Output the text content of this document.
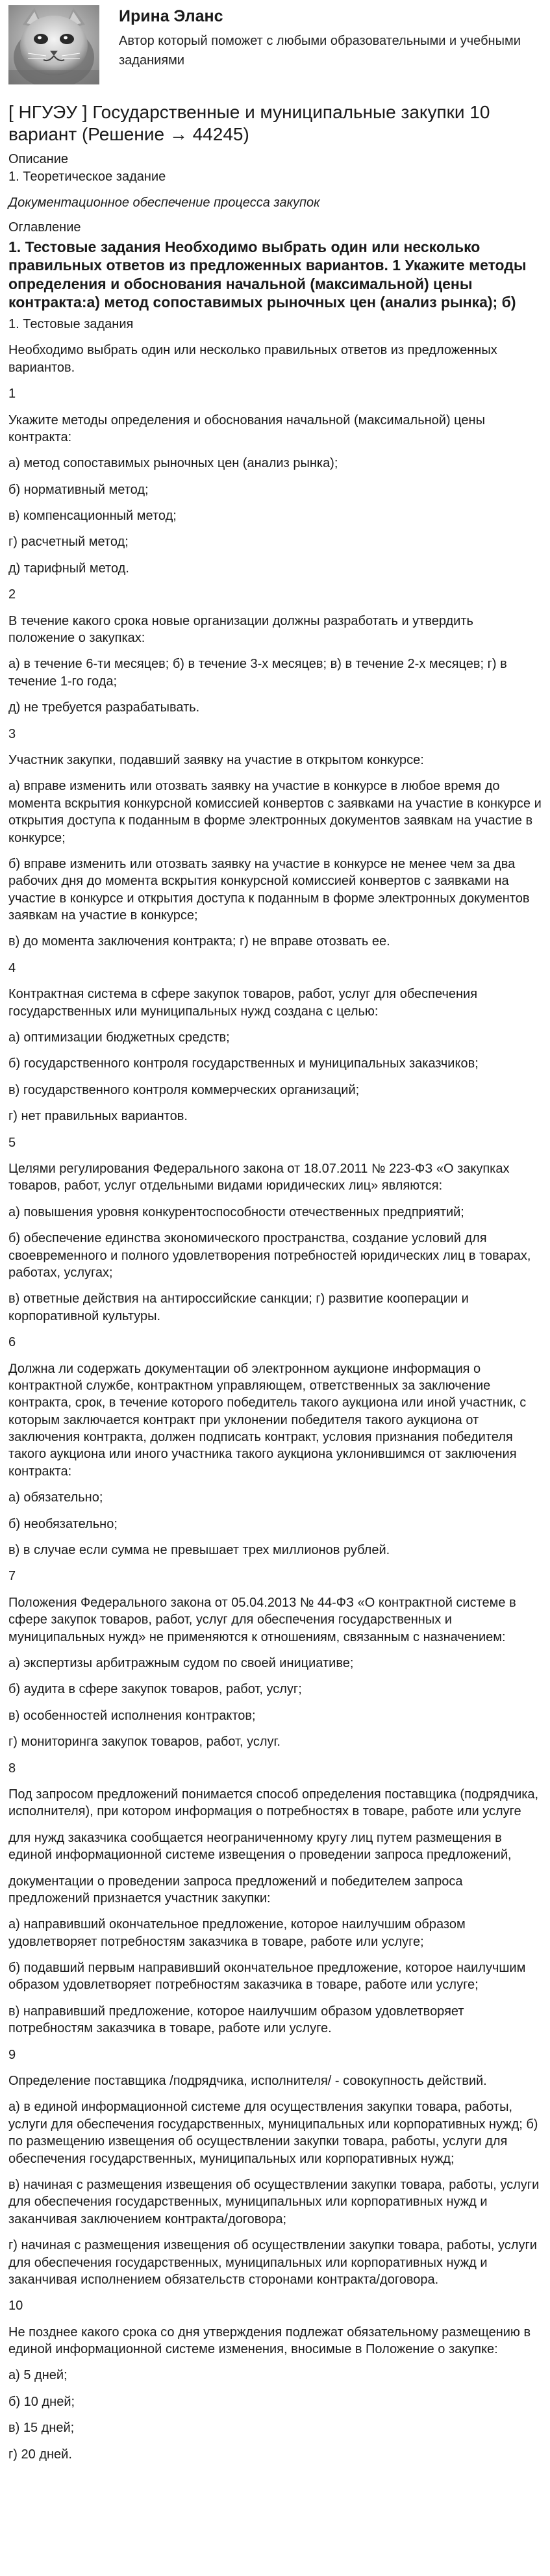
Ирина Эланс
Автор который поможет с любыми образовательными и учебными заданиями
[ НГУЭУ ] Государственные и муниципальные закупки 10 вариант (Решение → 44245)
Описание
1. Теоретическое задание
Документационное обеспечение процесса закупок
Оглавление
1. Тестовые задания Необходимо выбрать один или несколько правильных ответов из предложенных вариантов. 1 Укажите методы определения и обоснования начальной (максимальной) цены контракта:а) метод сопоставимых рыночных цен (анализ рынка); б)
1. Тестовые задания
Необходимо выбрать один или несколько правильных ответов из предложенных вариантов.
1
Укажите методы определения и обоснования начальной (максимальной) цены контракта:
а) метод сопоставимых рыночных цен (анализ рынка);
б) нормативный метод;
в) компенсационный метод;
г) расчетный метод;
д) тарифный метод.
2
В течение какого срока новые организации должны разработать и утвердить положение о закупках:
а) в течение 6-ти месяцев; б) в течение 3-х месяцев; в) в течение 2-х месяцев; г) в течение 1-го года;
д) не требуется разрабатывать.
3
Участник закупки, подавший заявку на участие в открытом конкурсе:
а) вправе изменить или отозвать заявку на участие в конкурсе в любое время до момента вскрытия конкурсной комиссией конвертов с заявками на участие в конкурсе и открытия доступа к поданным в форме электронных документов заявкам на участие в конкурсе;
б) вправе изменить или отозвать заявку на участие в конкурсе не менее чем за два рабочих дня до момента вскрытия конкурсной комиссией конвертов с заявками на участие в конкурсе и открытия доступа к поданным в форме электронных документов заявкам на участие в конкурсе;
в) до момента заключения контракта; г) не вправе отозвать ее.
4
Контрактная система в сфере закупок товаров, работ, услуг для обеспечения государственных или муниципальных нужд создана с целью:
а) оптимизации бюджетных средств;
б) государственного контроля государственных и муниципальных заказчиков;
в) государственного контроля коммерческих организаций;
г) нет правильных вариантов.
5
Целями регулирования Федерального закона от 18.07.2011 № 223-ФЗ «О закупках товаров, работ, услуг отдельными видами юридических лиц» являются:
а) повышения уровня конкурентоспособности отечественных предприятий;
б) обеспечение единства экономического пространства, создание условий для своевременного и полного удовлетворения потребностей юридических лиц в товарах, работах, услугах;
в) ответные действия на антироссийские санкции; г) развитие кооперации и корпоративной культуры.
6
Должна ли содержать документации об электронном аукционе информация о контрактной службе, контрактном управляющем, ответственных за заключение контракта, срок, в течение которого победитель такого аукциона или иной участник, с которым заключается контракт при уклонении победителя такого аукциона от заключения контракта, должен подписать контракт, условия признания победителя такого аукциона или иного участника такого аукциона уклонившимся от заключения контракта:
а) обязательно;
б) необязательно;
в) в случае если сумма не превышает трех миллионов рублей.
7
Положения Федерального закона от 05.04.2013 № 44-ФЗ «О контрактной системе в сфере закупок товаров, работ, услуг для обеспечения государственных и муниципальных нужд» не применяются к отношениям, связанным с назначением:
а) экспертизы арбитражным судом по своей инициативе;
б) аудита в сфере закупок товаров, работ, услуг;
в) особенностей исполнения контрактов;
г) мониторинга закупок товаров, работ, услуг.
8
Под запросом предложений понимается способ определения поставщика (подрядчика, исполнителя), при котором информация о потребностях в товаре, работе или услуге
для нужд заказчика сообщается неограниченному кругу лиц путем размещения в единой информационной системе извещения о проведении запроса предложений,
документации о проведении запроса предложений и победителем запроса предложений признается участник закупки:
а) направивший окончательное предложение, которое наилучшим образом удовлетворяет потребностям заказчика в товаре, работе или услуге;
б) подавший первым направивший окончательное предложение, которое наилучшим образом удовлетворяет потребностям заказчика в товаре, работе или услуге;
в) направивший предложение, которое наилучшим образом удовлетворяет потребностям заказчика в товаре, работе или услуге.
9
Определение поставщика /подрядчика, исполнителя/ - совокупность действий.
а) в единой информационной системе для осуществления закупки товара, работы, услуги для обеспечения государственных, муниципальных или корпоративных нужд; б) по размещению извещения об осуществлении закупки товара, работы, услуги для обеспечения государственных, муниципальных или корпоративных нужд;
в) начиная с размещения извещения об осуществлении закупки товара, работы, услуги для обеспечения государственных, муниципальных или корпоративных нужд и заканчивая заключением контракта/договора;
г) начиная с размещения извещения об осуществлении закупки товара, работы, услуги для обеспечения государственных, муниципальных или корпоративных нужд и заканчивая исполнением обязательств сторонами контракта/договора.
10
Не позднее какого срока со дня утверждения подлежат обязательному размещению в единой информационной системе изменения, вносимые в Положение о закупке:
а) 5 дней;
б) 10 дней;
в) 15 дней;
г) 20 дней.
